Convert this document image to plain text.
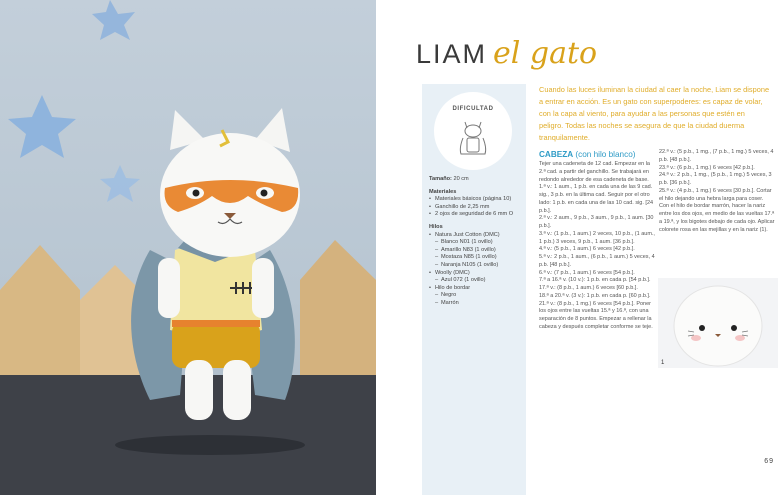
LIAM el gato

Cuando las luces iluminan la ciudad al caer la noche, Liam se dispone a entrar en acción. Es un gato con superpoderes: es capaz de volar, con la capa al viento, para ayudar a las personas que estén en peligro. Todas las noches se asegura de que la ciudad duerma tranquilamente.

DIFICULTAD
Tamaño: 20 cm
Materiales
• Materiales básicos (página 10)
• Ganchillo de 2,25 mm
• 2 ojos de seguridad de 6 mm O
Hilos
• Natura Just Cotton (DMC)
– Blanco N01 (1 ovillo)
– Amarillo N83 (1 ovillo)
– Mostaza N85 (1 ovillo)
– Naranja N105 (1 ovillo)
• Woolly (DMC)
– Azul 072 (1 ovillo)
• Hilo de bordar
– Negro
– Marrón
CABEZA (con hilo blanco)

Tejer una cadeneta de 12 cad. Empezar en la 2.ª cad. a partir del ganchillo. Se trabajará en redondo alrededor de esa cadeneta de base.

1.ª v.: 1 aum., 1 p.b. en cada una de las 9 cad. sig., 3 p.b. en la última cad. Seguir por el otro lado: 1 p.b. en cada una de las 10 cad. sig. [24 p.b.].

2.ª v.: 2 aum., 9 p.b., 3 aum., 9 p.b., 1 aum. [30 p.b.].

3.ª v.: (1 p.b., 1 aum.) 2 veces, 10 p.b., (1 aum., 1 p.b.) 3 veces, 9 p.b., 1 aum. [36 p.b.].

4.ª v.: (5 p.b., 1 aum.) 6 veces [42 p.b.].

5.ª v.: 2 p.b., 1 aum., (6 p.b., 1 aum.) 5 veces, 4 p.b. [48 p.b.].

6.ª v.: (7 p.b., 1 aum.) 6 veces [54 p.b.].

7.ª a 16.ª v. (10 v.): 1 p.b. en cada p. [54 p.b.].

17.ª v.: (8 p.b., 1 aum.) 6 veces [60 p.b.].

18.ª a 20.ª v. (3 v.): 1 p.b. en cada p. [60 p.b.].

21.ª v.: (8 p.b., 1 mg.) 6 veces [54 p.b.]. Poner los ojos entre las vueltas 15.ª y 16.ª, con una separación de 8 puntos. Empezar a rellenar la cabeza y después completar conforme se teje.

22.ª v.: (5 p.b., 1 mg., (7 p.b., 1 mg.) 5 veces, 4 p.b. [48 p.b.].

23.ª v.: (6 p.b., 1 mg.) 6 veces [42 p.b.].

24.ª v.: 2 p.b., 1 mg., (5 p.b., 1 mg.) 5 veces, 3 p.b. [36 p.b.].

25.ª v.: (4 p.b., 1 mg.) 6 veces [30 p.b.]. Cortar el hilo dejando una hebra larga para coser.

Con el hilo de bordar marrón, hacer la nariz entre los dos ojos, en medio de las vueltas 17.ª a 19.ª, y los bigotes debajo de cada ojo. Aplicar colorete rosa en las mejillas y en la nariz (1).

1
69
